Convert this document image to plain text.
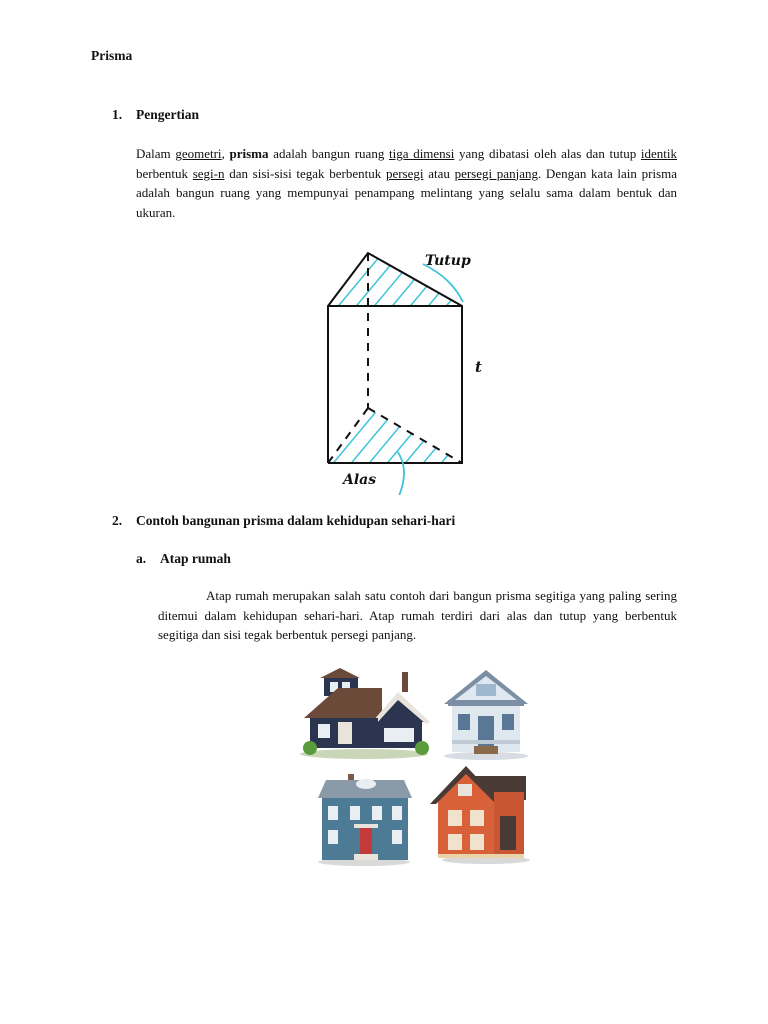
Prisma
1. Pengertian
Dalam geometri, prisma adalah bangun ruang tiga dimensi yang dibatasi oleh alas dan tutup identik berbentuk segi-n dan sisi-sisi tegak berbentuk persegi atau persegi panjang. Dengan kata lain prisma adalah bangun ruang yang mempunyai penampang melintang yang selalu sama dalam bentuk dan ukuran.
Tutup
t
Alas
2. Contoh bangunan prisma dalam kehidupan sehari-hari
a. Atap rumah
Atap rumah merupakan salah satu contoh dari bangun prisma segitiga yang paling sering ditemui dalam kehidupan sehari-hari. Atap rumah terdiri dari alas dan tutup yang berbentuk segitiga dan sisi tegak berbentuk persegi panjang.
